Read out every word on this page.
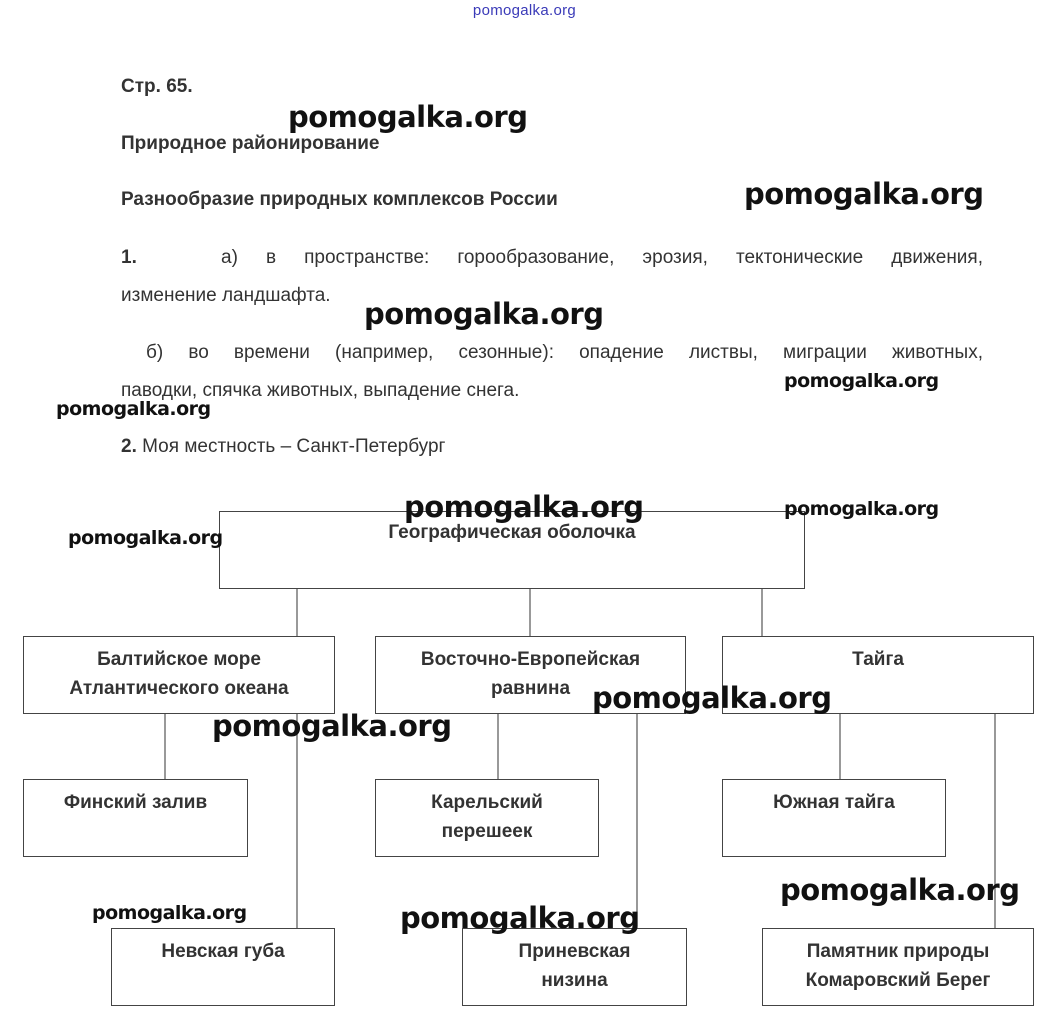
pomogalka.org
Стр. 65.
Природное районирование
Разнообразие природных комплексов России
1.	а) в пространстве: горообразование, эрозия, тектонические движения,
изменение ландшафта.
б) во времени (например, сезонные): опадение листвы, миграции животных,
паводки, спячка животных, выпадение снега.
2. Моя местность – Санкт-Петербург
Географическая оболочка
Балтийское море
Атлантического океана
Восточно-Европейская
равнина
Тайга
Финский залив	Карельский
перешеек
Южная тайга
Невская губа	Приневская
низина
Памятник природы
Комаровский Берег
pomogalka.org
pomogalka.org
pomogalka.org
pomogalka.org
pomogalka.org
pomogalka.org	pomogalka.org
pomogalka.org
pomogalka.org
pomogalka.org
pomogalka.org
pomogalka.org	pomogalka.org
